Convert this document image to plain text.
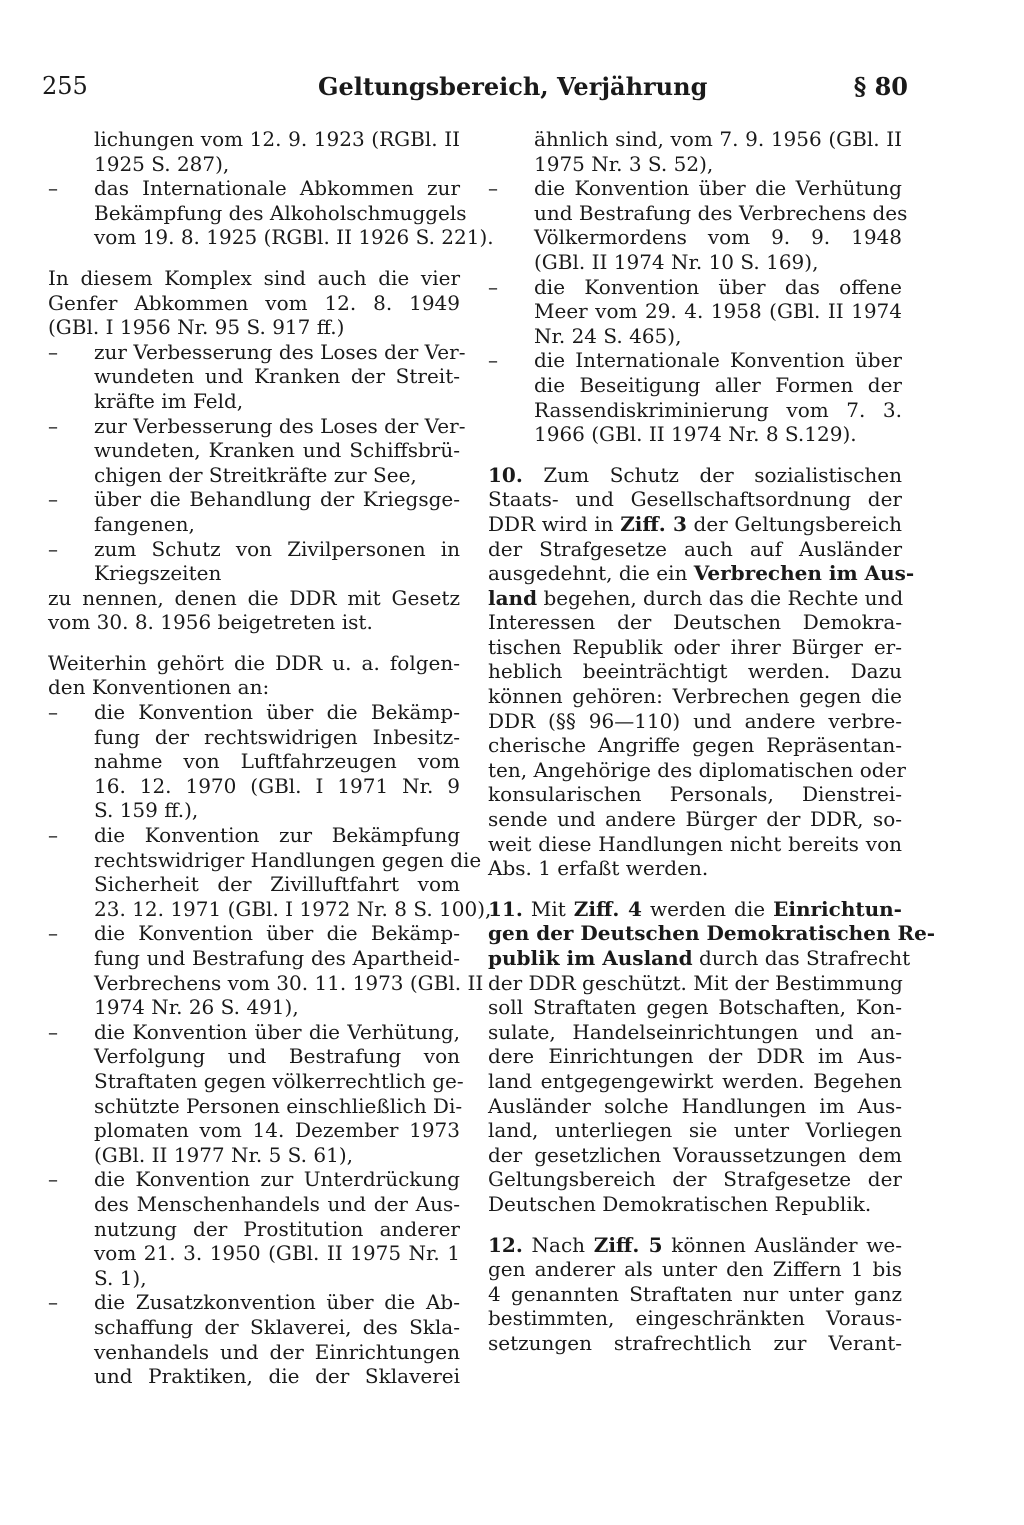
255	Geltungsbereich, Verjährung	§ 80
lichungen vom 12. 9. 1923 (RGBl. II
1925 S. 287),
–	das Internationale Abkommen zur
Bekämpfung des Alkoholschmuggels
vom 19. 8. 1925 (RGBl. II 1926 S. 221).
In diesem Komplex sind auch die vier
Genfer Abkommen vom 12. 8. 1949
(GBl. I 1956 Nr. 95 S. 917 ff.)
–	zur Verbesserung des Loses der Ver-
wundeten und Kranken der Streit-
kräfte im Feld,
–	zur Verbesserung des Loses der Ver-
wundeten, Kranken und Schiffsbrü-
chigen der Streitkräfte zur See,
–	über die Behandlung der Kriegsge-
fangenen,
–	zum Schutz von Zivilpersonen in
Kriegszeiten
zu nennen, denen die DDR mit Gesetz
vom 30. 8. 1956 beigetreten ist.
Weiterhin gehört die DDR u. a. folgen-
den Konventionen an:
–	die Konvention über die Bekämp-
fung der rechtswidrigen Inbesitz-
nahme von Luftfahrzeugen vom
16. 12. 1970 (GBl. I 1971 Nr. 9
S. 159 ff.),
–	die Konvention zur Bekämpfung
rechtswidriger Handlungen gegen die
Sicherheit der Zivilluftfahrt vom
23. 12. 1971 (GBl. I 1972 Nr. 8 S. 100),
–	die Konvention über die Bekämp-
fung und Bestrafung des Apartheid-
Verbrechens vom 30. 11. 1973 (GBl. II
1974 Nr. 26 S. 491),
–	die Konvention über die Verhütung,
Verfolgung und Bestrafung von
Straftaten gegen völkerrechtlich ge-
schützte Personen einschließlich Di-
plomaten vom 14. Dezember 1973
(GBl. II 1977 Nr. 5 S. 61),
–	die Konvention zur Unterdrückung
des Menschenhandels und der Aus-
nutzung der Prostitution anderer
vom 21. 3. 1950 (GBl. II 1975 Nr. 1
S. 1),
–	die Zusatzkonvention über die Ab-
schaffung der Sklaverei, des Skla-
venhandels und der Einrichtungen
und Praktiken, die der Sklaverei
ähnlich sind, vom 7. 9. 1956 (GBl. II
1975 Nr. 3 S. 52),
–	die Konvention über die Verhütung
und Bestrafung des Verbrechens des
Völkermordens vom 9. 9. 1948
(GBl. II 1974 Nr. 10 S. 169),
–	die Konvention über das offene
Meer vom 29. 4. 1958 (GBl. II 1974
Nr. 24 S. 465),
–	die Internationale Konvention über
die Beseitigung aller Formen der
Rassendiskriminierung vom 7. 3.
1966 (GBl. II 1974 Nr. 8 S.129).
10. Zum Schutz der sozialistischen
Staats- und Gesellschaftsordnung der
DDR wird in Ziff. 3 der Geltungsbereich
der Strafgesetze auch auf Ausländer
ausgedehnt, die ein Verbrechen im Aus-
land begehen, durch das die Rechte und
Interessen der Deutschen Demokra-
tischen Republik oder ihrer Bürger er-
heblich beeinträchtigt werden. Dazu
können gehören: Verbrechen gegen die
DDR (§§ 96—110) und andere verbre-
cherische Angriffe gegen Repräsentan-
ten, Angehörige des diplomatischen oder
konsularischen Personals, Dienstrei-
sende und andere Bürger der DDR, so-
weit diese Handlungen nicht bereits von
Abs. 1 erfaßt werden.
11. Mit Ziff. 4 werden die Einrichtun-
gen der Deutschen Demokratischen Re-
publik im Ausland durch das Strafrecht
der DDR geschützt. Mit der Bestimmung
soll Straftaten gegen Botschaften, Kon-
sulate, Handelseinrichtungen und an-
dere Einrichtungen der DDR im Aus-
land entgegengewirkt werden. Begehen
Ausländer solche Handlungen im Aus-
land, unterliegen sie unter Vorliegen
der gesetzlichen Voraussetzungen dem
Geltungsbereich der Strafgesetze der
Deutschen Demokratischen Republik.
12. Nach Ziff. 5 können Ausländer we-
gen anderer als unter den Ziffern 1 bis
4 genannten Straftaten nur unter ganz
bestimmten, eingeschränkten Voraus-
setzungen strafrechtlich zur Verant-
